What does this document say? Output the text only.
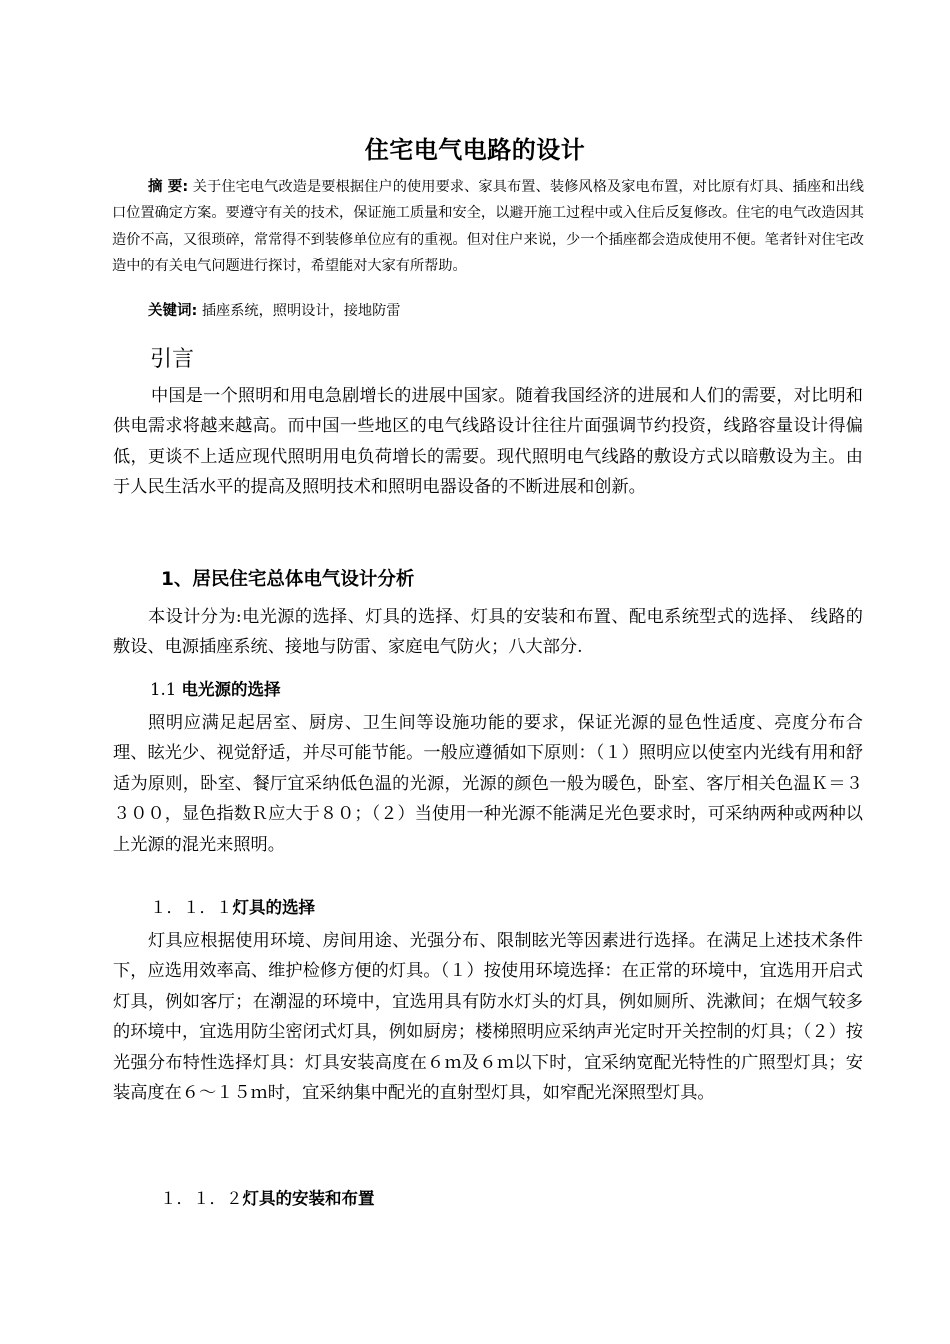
住宅电气电路的设计

摘 要: 关于住宅电气改造是要根据住户的使用要求、家具布置、装修风格及家电布置，对比原有灯具、插座和出线口位置确定方案。要遵守有关的技术，保证施工质量和安全，以避开施工过程中或入住后反复修改。住宅的电气改造因其造价不高，又很琐碎，常常得不到装修单位应有的重视。但对住户来说，少一个插座都会造成使用不便。笔者针对住宅改造中的有关电气问题进行探讨，希望能对大家有所帮助。

关键词: 插座系统，照明设计，接地防雷
引言

中国是一个照明和用电急剧增长的进展中国家。随着我国经济的进展和人们的需要，对比明和供电需求将越来越高。而中国一些地区的电气线路设计往往片面强调节约投资，线路容量设计得偏低，更谈不上适应现代照明用电负荷增长的需要。现代照明电气线路的敷设方式以暗敷设为主。由于人民生活水平的提高及照明技术和照明电器设备的不断进展和创新。

1、居民住宅总体电气设计分析

本设计分为:电光源的选择、灯具的选择、灯具的安装和布置、配电系统型式的选择、 线路的敷设、电源插座系统、接地与防雷、家庭电气防火；八大部分.

1.1 电光源的选择

照明应满足起居室、厨房、卫生间等设施功能的要求，保证光源的显色性适度、亮度分布合理、眩光少、视觉舒适，并尽可能节能。一般应遵循如下原则：（１）照明应以使室内光线有用和舒适为原则，卧室、餐厅宜采纳低色温的光源，光源的颜色一般为暖色，卧室、客厅相关色温Ｋ＝３３００，显色指数Ｒ应大于８０；（２）当使用一种光源不能满足光色要求时，可采纳两种或两种以上光源的混光来照明。

１．１．１灯具的选择

灯具应根据使用环境、房间用途、光强分布、限制眩光等因素进行选择。在满足上述技术条件下，应选用效率高、维护检修方便的灯具。（１）按使用环境选择：在正常的环境中，宜选用开启式灯具，例如客厅；在潮湿的环境中，宜选用具有防水灯头的灯具，例如厕所、洗漱间；在烟气较多的环境中，宜选用防尘密闭式灯具，例如厨房；楼梯照明应采纳声光定时开关控制的灯具；（２）按光强分布特性选择灯具：灯具安装高度在６ｍ及６ｍ以下时，宜采纳宽配光特性的广照型灯具；安装高度在６～１５ｍ时，宜采纳集中配光的直射型灯具，如窄配光深照型灯具。

１．１．２灯具的安装和布置
